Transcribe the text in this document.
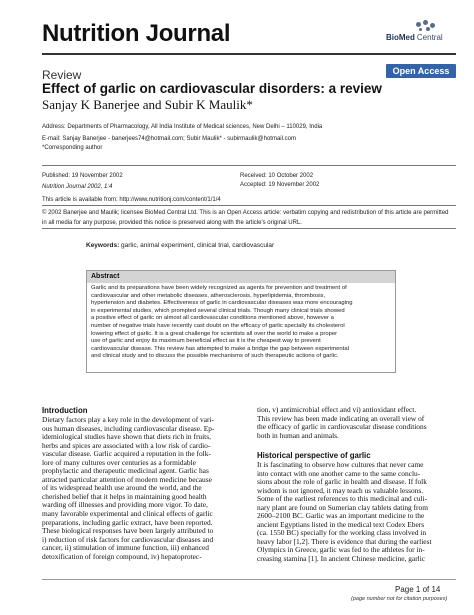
Nutrition Journal	BioMed Central
Review	Open Access
Effect of garlic on cardiovascular disorders: a review
Sanjay K Banerjee and Subir K Maulik*
Address: Departments of Pharmacology, All India Institute of Medical sciences, New Delhi – 110029, India
E-mail: Sanjay Banerjee - banerjees74@hotmail.com; Subir Maulik* - subirmaulik@hotmail.com
*Corresponding author
Published: 19 November 2002
Nutrition Journal 2002, 1:4
Received: 10 October 2002
Accepted: 19 November 2002
This article is available from: http://www.nutritionj.com/content/1/1/4
© 2002 Banerjee and Maulik; licensee BioMed Central Ltd. This is an Open Access article: verbatim copying and redistribution of this article are permitted
in all media for any purpose, provided this notice is preserved along with the article's original URL.
Keywords: garlic, animal experiment, clinical trial, cardiovascular
Abstract
Garlic and its preparations have been widely recognized as agents for prevention and treatment of
cardiovascular and other metabolic diseases, atherosclerosis, hyperlipidemia, thrombosis,
hypertension and diabetes. Effectiveness of garlic in cardiovascular diseases was more encouraging
in experimental studies, which prompted several clinical trials. Though many clinical trials showed
a positive effect of garlic on almost all cardiovascular conditions mentioned above, however a
number of negative trials have recently cast doubt on the efficacy of garlic specially its cholesterol
lowering effect of garlic. It is a great challenge for scientists all over the world to make a proper
use of garlic and enjoy its maximum beneficial effect as it is the cheapest way to prevent
cardiovascular disease. This review has attempted to make a bridge the gap between experimental
and clinical study and to discuss the possible mechanisms of such therapeutic actions of garlic.
Introduction
Dietary factors play a key role in the development of vari-
ous human diseases, including cardiovascular disease. Ep-
idemiological studies have shown that diets rich in fruits,
herbs and spices are associated with a low risk of cardio-
vascular disease. Garlic acquired a reputation in the folk-
lore of many cultures over centuries as a formidable
prophylactic and therapeutic medicinal agent. Garlic has
attracted particular attention of modern medicine because
of its widespread health use around the world, and the
cherished belief that it helps in maintaining good health
warding off illnesses and providing more vigor. To date,
many favorable experimental and clinical effects of garlic
preparations, including garlic extract, have been reported.
These biological responses have been largely attributed to
i) reduction of risk factors for cardiovascular diseases and
cancer, ii) stimulation of immune function, iii) enhanced
detoxification of foreign compound, iv) hepatoprotec-
tion, v) antimicrobial effect and vi) antioxidant effect.
This review has been made indicating an overall view of
the efficacy of garlic in cardiovascular disease conditions
both in human and animals.
Historical perspective of garlic
It is fascinating to observe how cultures that never came
into contact with one another came to the same conclu-
sions about the role of garlic in health and disease. If folk
wisdom is not ignored, it may teach us valuable lessons.
Some of the earliest references to this medicinal and culi-
nary plant are found on Sumerian clay tablets dating from
2600–2100 BC. Garlic was an important medicine to the
ancient Egyptians listed in the medical text Codex Ebers
(ca. 1550 BC) specially for the working class involved in
heavy labor [1,2]. There is evidence that during the earliest
Olympics in Greece, garlic was fed to the athletes for in-
creasing stamina [1]. In ancient Chinese medicine, garlic
Page 1 of 14
(page number not for citation purposes)
